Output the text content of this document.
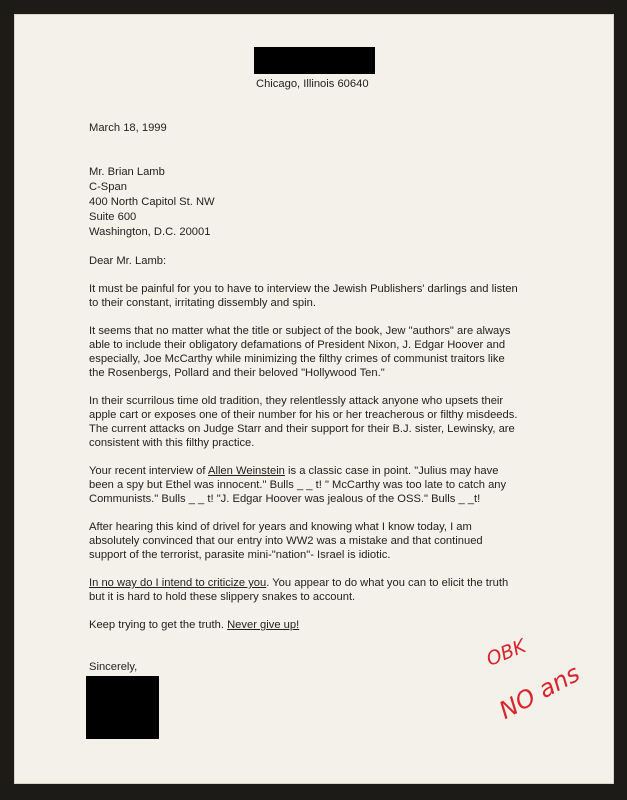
Chicago, Illinois 60640
March 18, 1999
Mr. Brian Lamb
C-Span
400 North Capitol St. NW
Suite 600
Washington, D.C. 20001
Dear Mr. Lamb:
It must be painful for you to have to interview the Jewish Publishers' darlings and listen
to their constant, irritating dissembly and spin.
It seems that no matter what the title or subject of the book, Jew "authors" are always
able to include their obligatory defamations of President Nixon, J. Edgar Hoover and
especially, Joe McCarthy while minimizing the filthy crimes of communist traitors like
the Rosenbergs, Pollard and their beloved "Hollywood Ten."
In their scurrilous time old tradition, they relentlessly attack anyone who upsets their
apple cart or exposes one of their number for his or her treacherous or filthy misdeeds.
The current attacks on Judge Starr and their support for their B.J. sister, Lewinsky, are
consistent with this filthy practice.
Your recent interview of Allen Weinstein is a classic case in point. "Julius may have
been a spy but Ethel was innocent." Bulls _ _ t! " McCarthy was too late to catch any
Communists." Bulls _ _ t! "J. Edgar Hoover was jealous of the OSS." Bulls _ _t!
After hearing this kind of drivel for years and knowing what I know today, I am
absolutely convinced that our entry into WW2 was a mistake and that continued
support of the terrorist, parasite mini-"nation"- Israel is idiotic.
In no way do I intend to criticize you. You appear to do what you can to elicit the truth
but it is hard to hold these slippery snakes to account.
Keep trying to get the truth. Never give up!
Sincerely,	OBK
NO ans
